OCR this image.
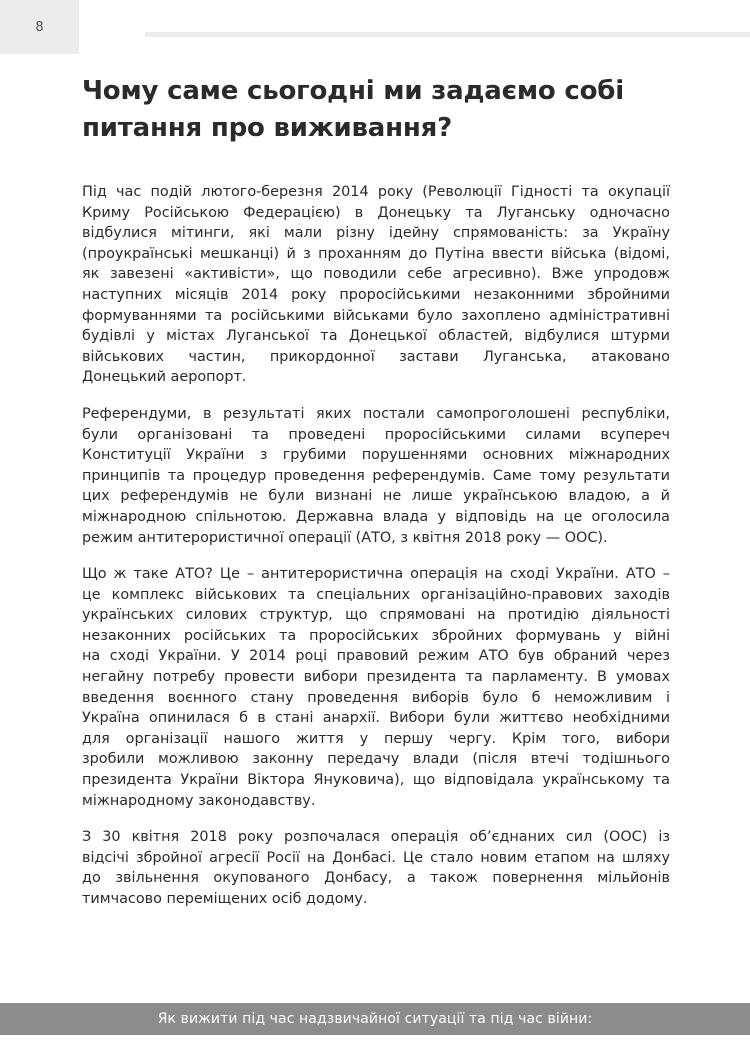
8
Чому саме сьогодні ми задаємо собі
питання про виживання?

Під час подій лютого-березня 2014 року (Революції Гідності та окупації
Криму Російською Федерацією) в Донецьку та Луганську одночасно
відбулися мітинги, які мали різну ідейну спрямованість: за Україну
(проукраїнські мешканці) й з проханням до Путіна ввести війська (відомі,
як завезені «активісти», що поводили себе агресивно). Вже упродовж
наступних місяців 2014 року проросійськими незаконними збройними
формуваннями та російськими військами було захоплено адміністративні
будівлі у містах Луганської та Донецької областей, відбулися штурми
військових частин, прикордонної застави Луганська, атаковано
Донецький аеропорт.

Референдуми, в результаті яких постали самопроголошені республіки,
були організовані та проведені проросійськими силами всупереч
Конституції України з грубими порушеннями основних міжнародних
принципів та процедур проведення референдумів. Саме тому результати
цих референдумів не були визнані не лише українською владою, а й
міжнародною спільнотою. Державна влада у відповідь на це оголосила
режим антитерористичної операції (АТО, з квітня 2018 року — ООС).

Що ж таке АТО? Це – антитерористична операція на сході України. АТО –
це комплекс військових та спеціальних організаційно-правових заходів
українських силових структур, що спрямовані на протидію діяльності
незаконних російських та проросійських збройних формувань у війні
на сході України. У 2014 році правовий режим АТО був обраний через
негайну потребу провести вибори президента та парламенту. В умовах
введення воєнного стану проведення виборів було б неможливим і
Україна опинилася б в стані анархії. Вибори були життєво необхідними
для організації нашого життя у першу чергу. Крім того, вибори
зробили можливою законну передачу влади (після втечі тодішнього
президента України Віктора Януковича), що відповідала українському та
міжнародному законодавству.

З 30 квітня 2018 року розпочалася операція об’єднаних сил (ООС) із
відсічі збройної агресії Росії на Донбасі. Це стало новим етапом на шляху
до звільнення окупованого Донбасу, а також повернення мільйонів
тимчасово переміщених осіб додому.

Як вижити під час надзвичайної ситуації та під час війни:
